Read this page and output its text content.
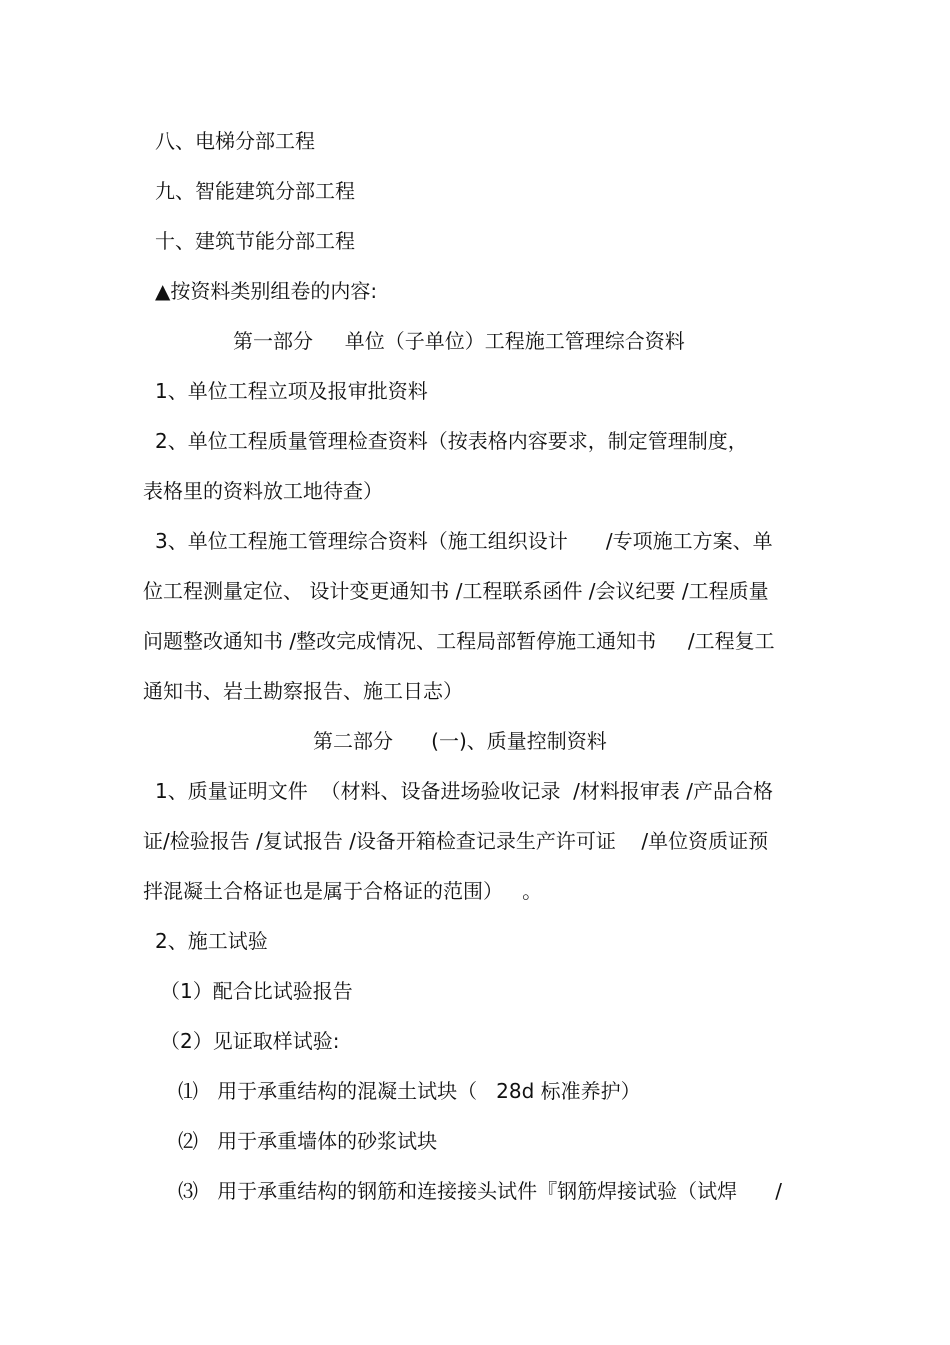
八、电梯分部工程

九、智能建筑分部工程

十、建筑节能分部工程

▲按资料类别组卷的内容:

第一部分     单位（子单位）工程施工管理综合资料

1、单位工程立项及报审批资料

2、单位工程质量管理检查资料（按表格内容要求，制定管理制度，

表格里的资料放工地待查）

3、单位工程施工管理综合资料（施工组织设计      /专项施工方案、单

位工程测量定位、 设计变更通知书 /工程联系函件 /会议纪要 /工程质量

问题整改通知书 /整改完成情况、工程局部暂停施工通知书     /工程复工

通知书、岩土勘察报告、施工日志）

第二部分      (一)、质量控制资料

1、质量证明文件  （材料、设备进场验收记录  /材料报审表 /产品合格

证/检验报告 /复试报告 /设备开箱检查记录生产许可证    /单位资质证预

拌混凝土合格证也是属于合格证的范围）   。

2、施工试验

（1）配合比试验报告

（2）见证取样试验:

⑴   用于承重结构的混凝土试块（   28d 标准养护）

⑵   用于承重墙体的砂浆试块

⑶   用于承重结构的钢筋和连接接头试件『钢筋焊接试验（试焊      /
